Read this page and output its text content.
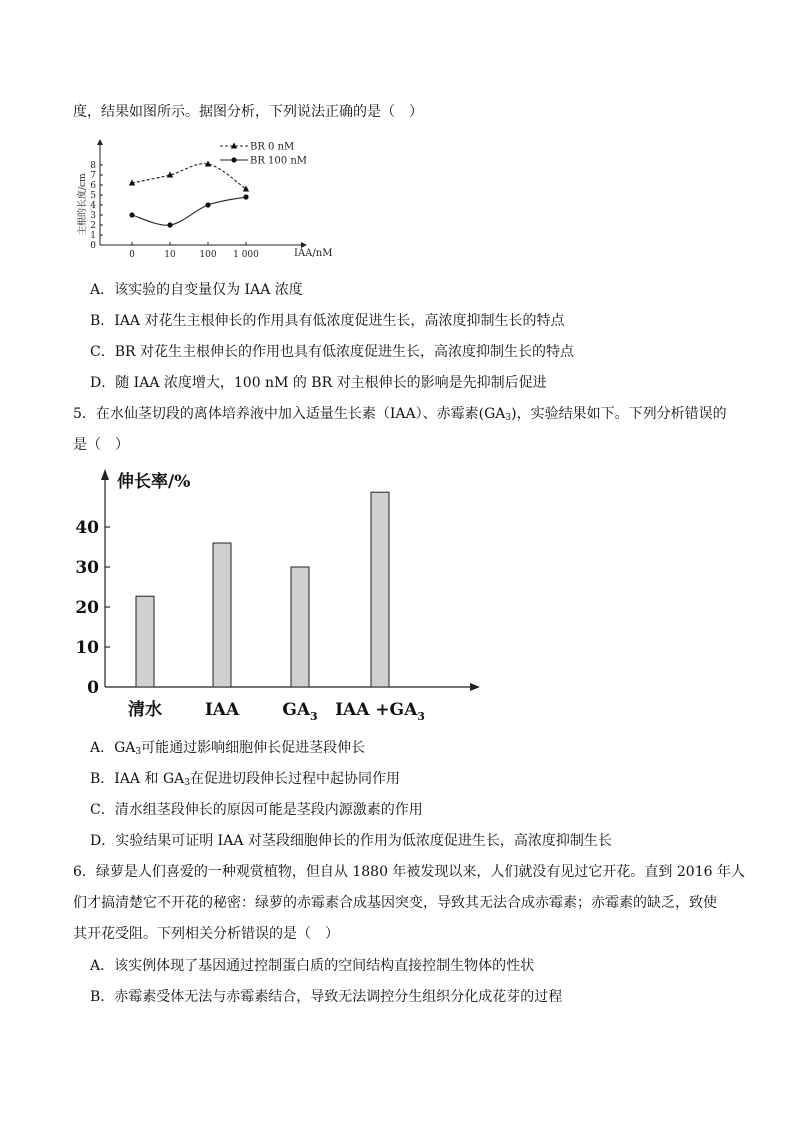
度，结果如图所示。据图分析，下列说法正确的是（　）
0
1
2
3
4
5
6
7
8
0	10	100 1 000
BR 0 nM
BR 100 nM
主根的长度/cm
IAA/nM
A．该实验的自变量仅为 IAA 浓度
B．IAA 对花生主根伸长的作用具有低浓度促进生长，高浓度抑制生长的特点
C．BR 对花生主根伸长的作用也具有低浓度促进生长，高浓度抑制生长的特点
D．随 IAA 浓度增大，100 nM 的 BR 对主根伸长的影响是先抑制后促进
5．在水仙茎切段的离体培养液中加入适量生长素（IAA）、赤霉素$(GA_3)$，实验结果如下。下列分析错误的
是（　）
0
10
20
30
40
清水	IAA	$GA_3$ IAA $+GA_3$
伸长率/%
A．$GA_3$可能通过影响细胞伸长促进茎段伸长
B．IAA 和 $GA_3$在促进切段伸长过程中起协同作用
C．清水组茎段伸长的原因可能是茎段内源激素的作用
D．实验结果可证明 IAA 对茎段细胞伸长的作用为低浓度促进生长，高浓度抑制生长
6．绿萝是人们喜爱的一种观赏植物，但自从 1880 年被发现以来，人们就没有见过它开花。直到 2016 年人
们才搞清楚它不开花的秘密：绿萝的赤霉素合成基因突变，导致其无法合成赤霉素；赤霉素的缺乏，致使
其开花受阻。下列相关分析错误的是（　）
A．该实例体现了基因通过控制蛋白质的空间结构直接控制生物体的性状
B．赤霉素受体无法与赤霉素结合，导致无法调控分生组织分化成花芽的过程
